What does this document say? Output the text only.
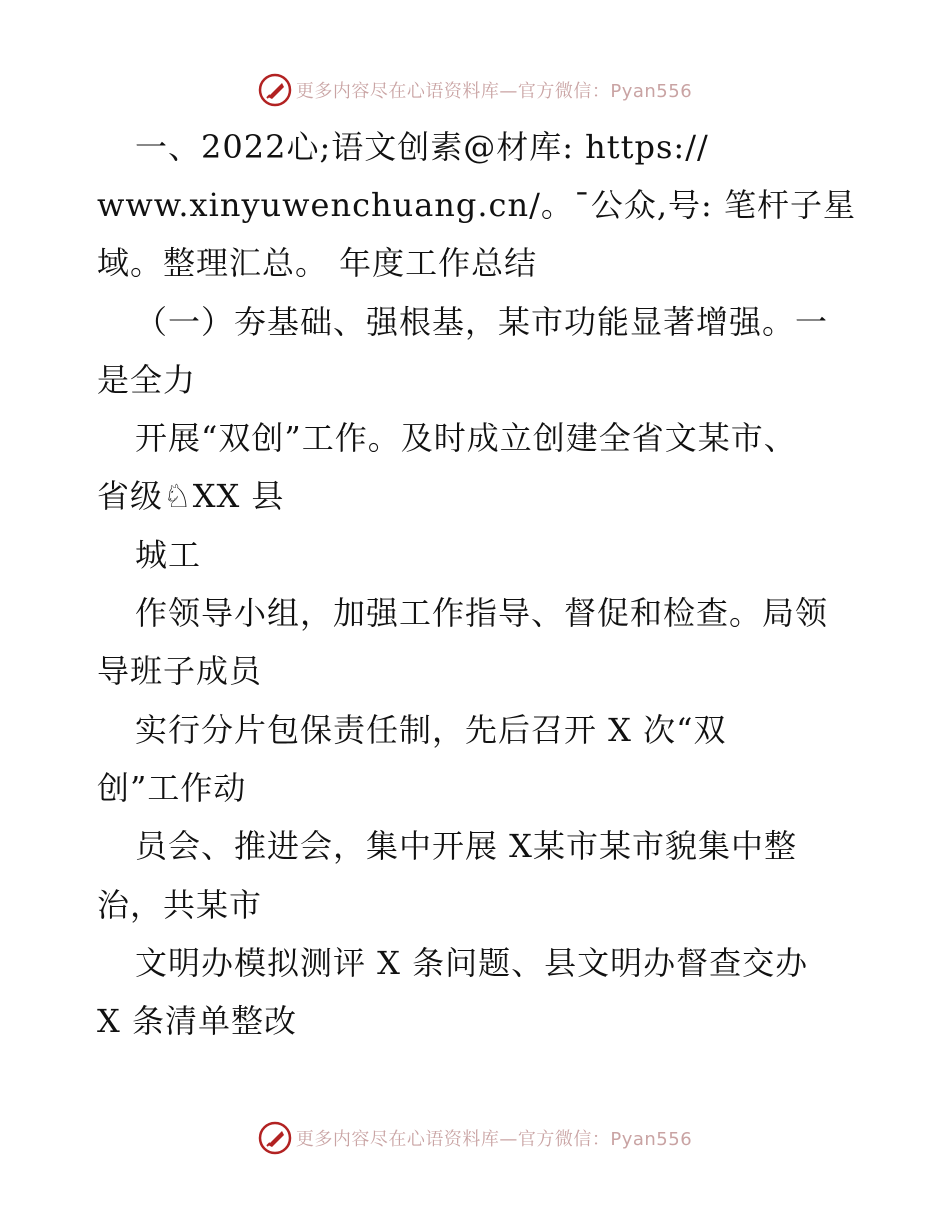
更多内容尽在心语资料库—官方微信：Pyan556
一、2022心;语文创素@材库: https://
www.xinyuwenchuang.cn/。¯公众,号: 笔杆子星
域。整理汇总。 年度工作总结
（一）夯基础、强根基，某市功能显著增强。一
是全力
开展“双创”工作。及时成立创建全省文某市、
省级♘XX 县
城工
作领导小组，加强工作指导、督促和检查。局领
导班子成员
实行分片包保责任制，先后召开 X 次“双
创”工作动
员会、推进会，集中开展 X某市某市貌集中整
治，共某市
文明办模拟测评 X 条问题、县文明办督查交办
X 条清单整改
更多内容尽在心语资料库—官方微信：Pyan556
